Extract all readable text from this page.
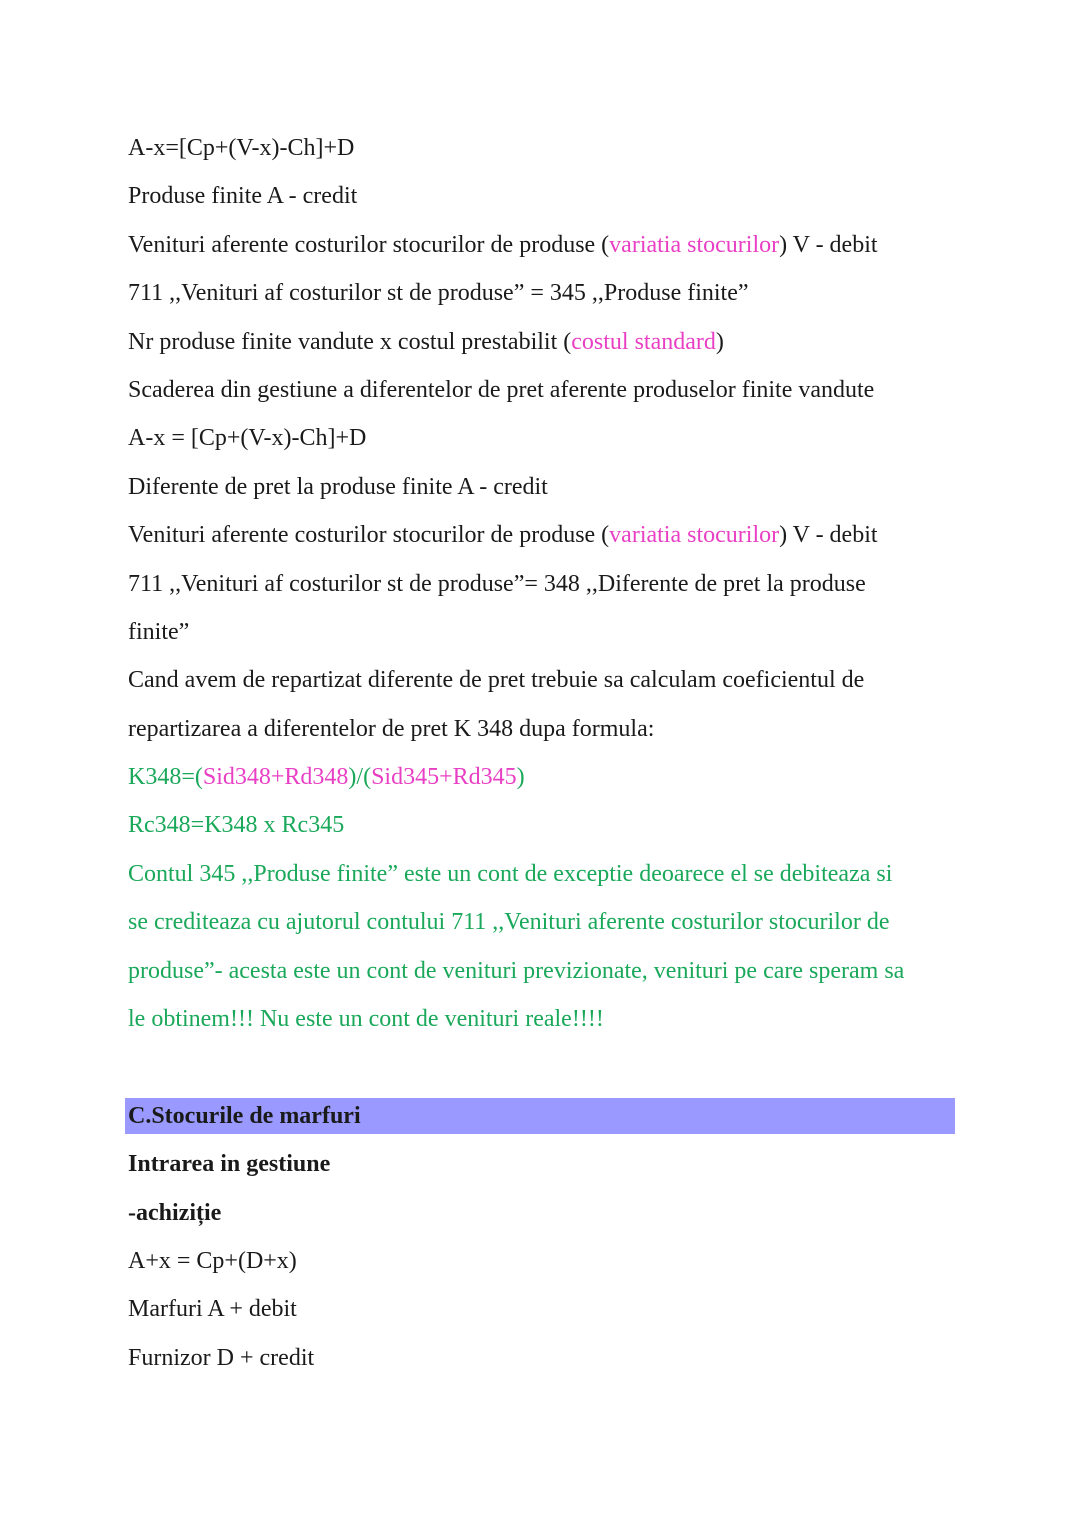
A-x=[Cp+(V-x)-Ch]+D
Produse finite A - credit
Venituri aferente costurilor stocurilor de produse (variatia stocurilor) V - debit
711 ,,Venituri af costurilor st de produse” = 345 ,,Produse finite”
Nr produse finite vandute x costul prestabilit (costul standard)
Scaderea din gestiune a diferentelor de pret aferente produselor finite vandute
A-x = [Cp+(V-x)-Ch]+D
Diferente de pret la produse finite A - credit
Venituri aferente costurilor stocurilor de produse (variatia stocurilor) V - debit
711 ,,Venituri af costurilor st de produse”= 348 ,,Diferente de pret la produse
finite”
Cand avem de repartizat diferente de pret trebuie sa calculam coeficientul de
repartizarea a diferentelor de pret K 348 dupa formula:
K348=(Sid348+Rd348)/(Sid345+Rd345)
Rc348=K348 x Rc345
Contul 345 ,,Produse finite” este un cont de exceptie deoarece el se debiteaza si
se crediteaza cu ajutorul contului 711 ,,Venituri aferente costurilor stocurilor de
produse”- acesta este un cont de venituri previzionate, venituri pe care speram sa
le obtinem!!! Nu este un cont de venituri reale!!!!
C.Stocurile de marfuri
Intrarea in gestiune
-achiziție
A+x = Cp+(D+x)
Marfuri A + debit
Furnizor D + credit
